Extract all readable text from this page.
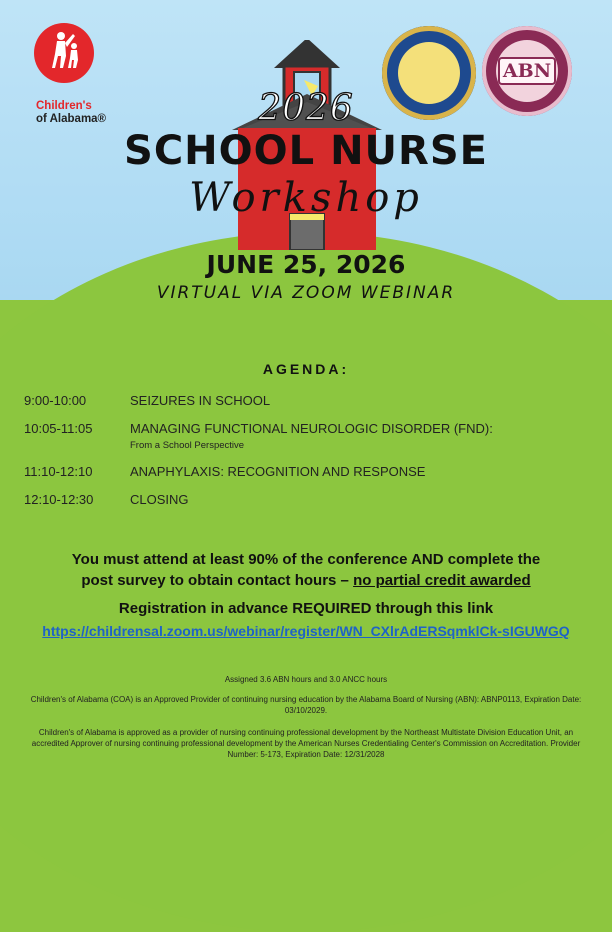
Children's
of Alabama®
ABN
2026
SCHOOL NURSE
Workshop
JUNE 25, 2026
VIRTUAL VIA ZOOM WEBINAR
AGENDA:
9:00-10:00	SEIZURES IN SCHOOL
10:05-11:05	MANAGING FUNCTIONAL NEUROLOGIC DISORDER (FND):
From a School Perspective
11:10-12:10	ANAPHYLAXIS: RECOGNITION AND RESPONSE
12:10-12:30	CLOSING
You must attend at least 90% of the conference AND complete the
post survey to obtain contact hours – no partial credit awarded
Registration in advance REQUIRED through this link
https://childrensal.zoom.us/webinar/register/WN_CXlrAdERSqmklCk-sIGUWGQ
Assigned 3.6 ABN hours and 3.0 ANCC hours
Children's of Alabama (COA) is an Approved Provider of continuing nursing education by the Alabama Board of Nursing (ABN): ABNP0113, Expiration Date: 03/10/2029.
Children's of Alabama is approved as a provider of nursing continuing professional development by the Northeast Multistate Division Education Unit, an accredited Approver of nursing continuing professional development by the American Nurses Credentialing Center's Commission on Accreditation. Provider Number: 5-173, Expiration Date: 12/31/2028
